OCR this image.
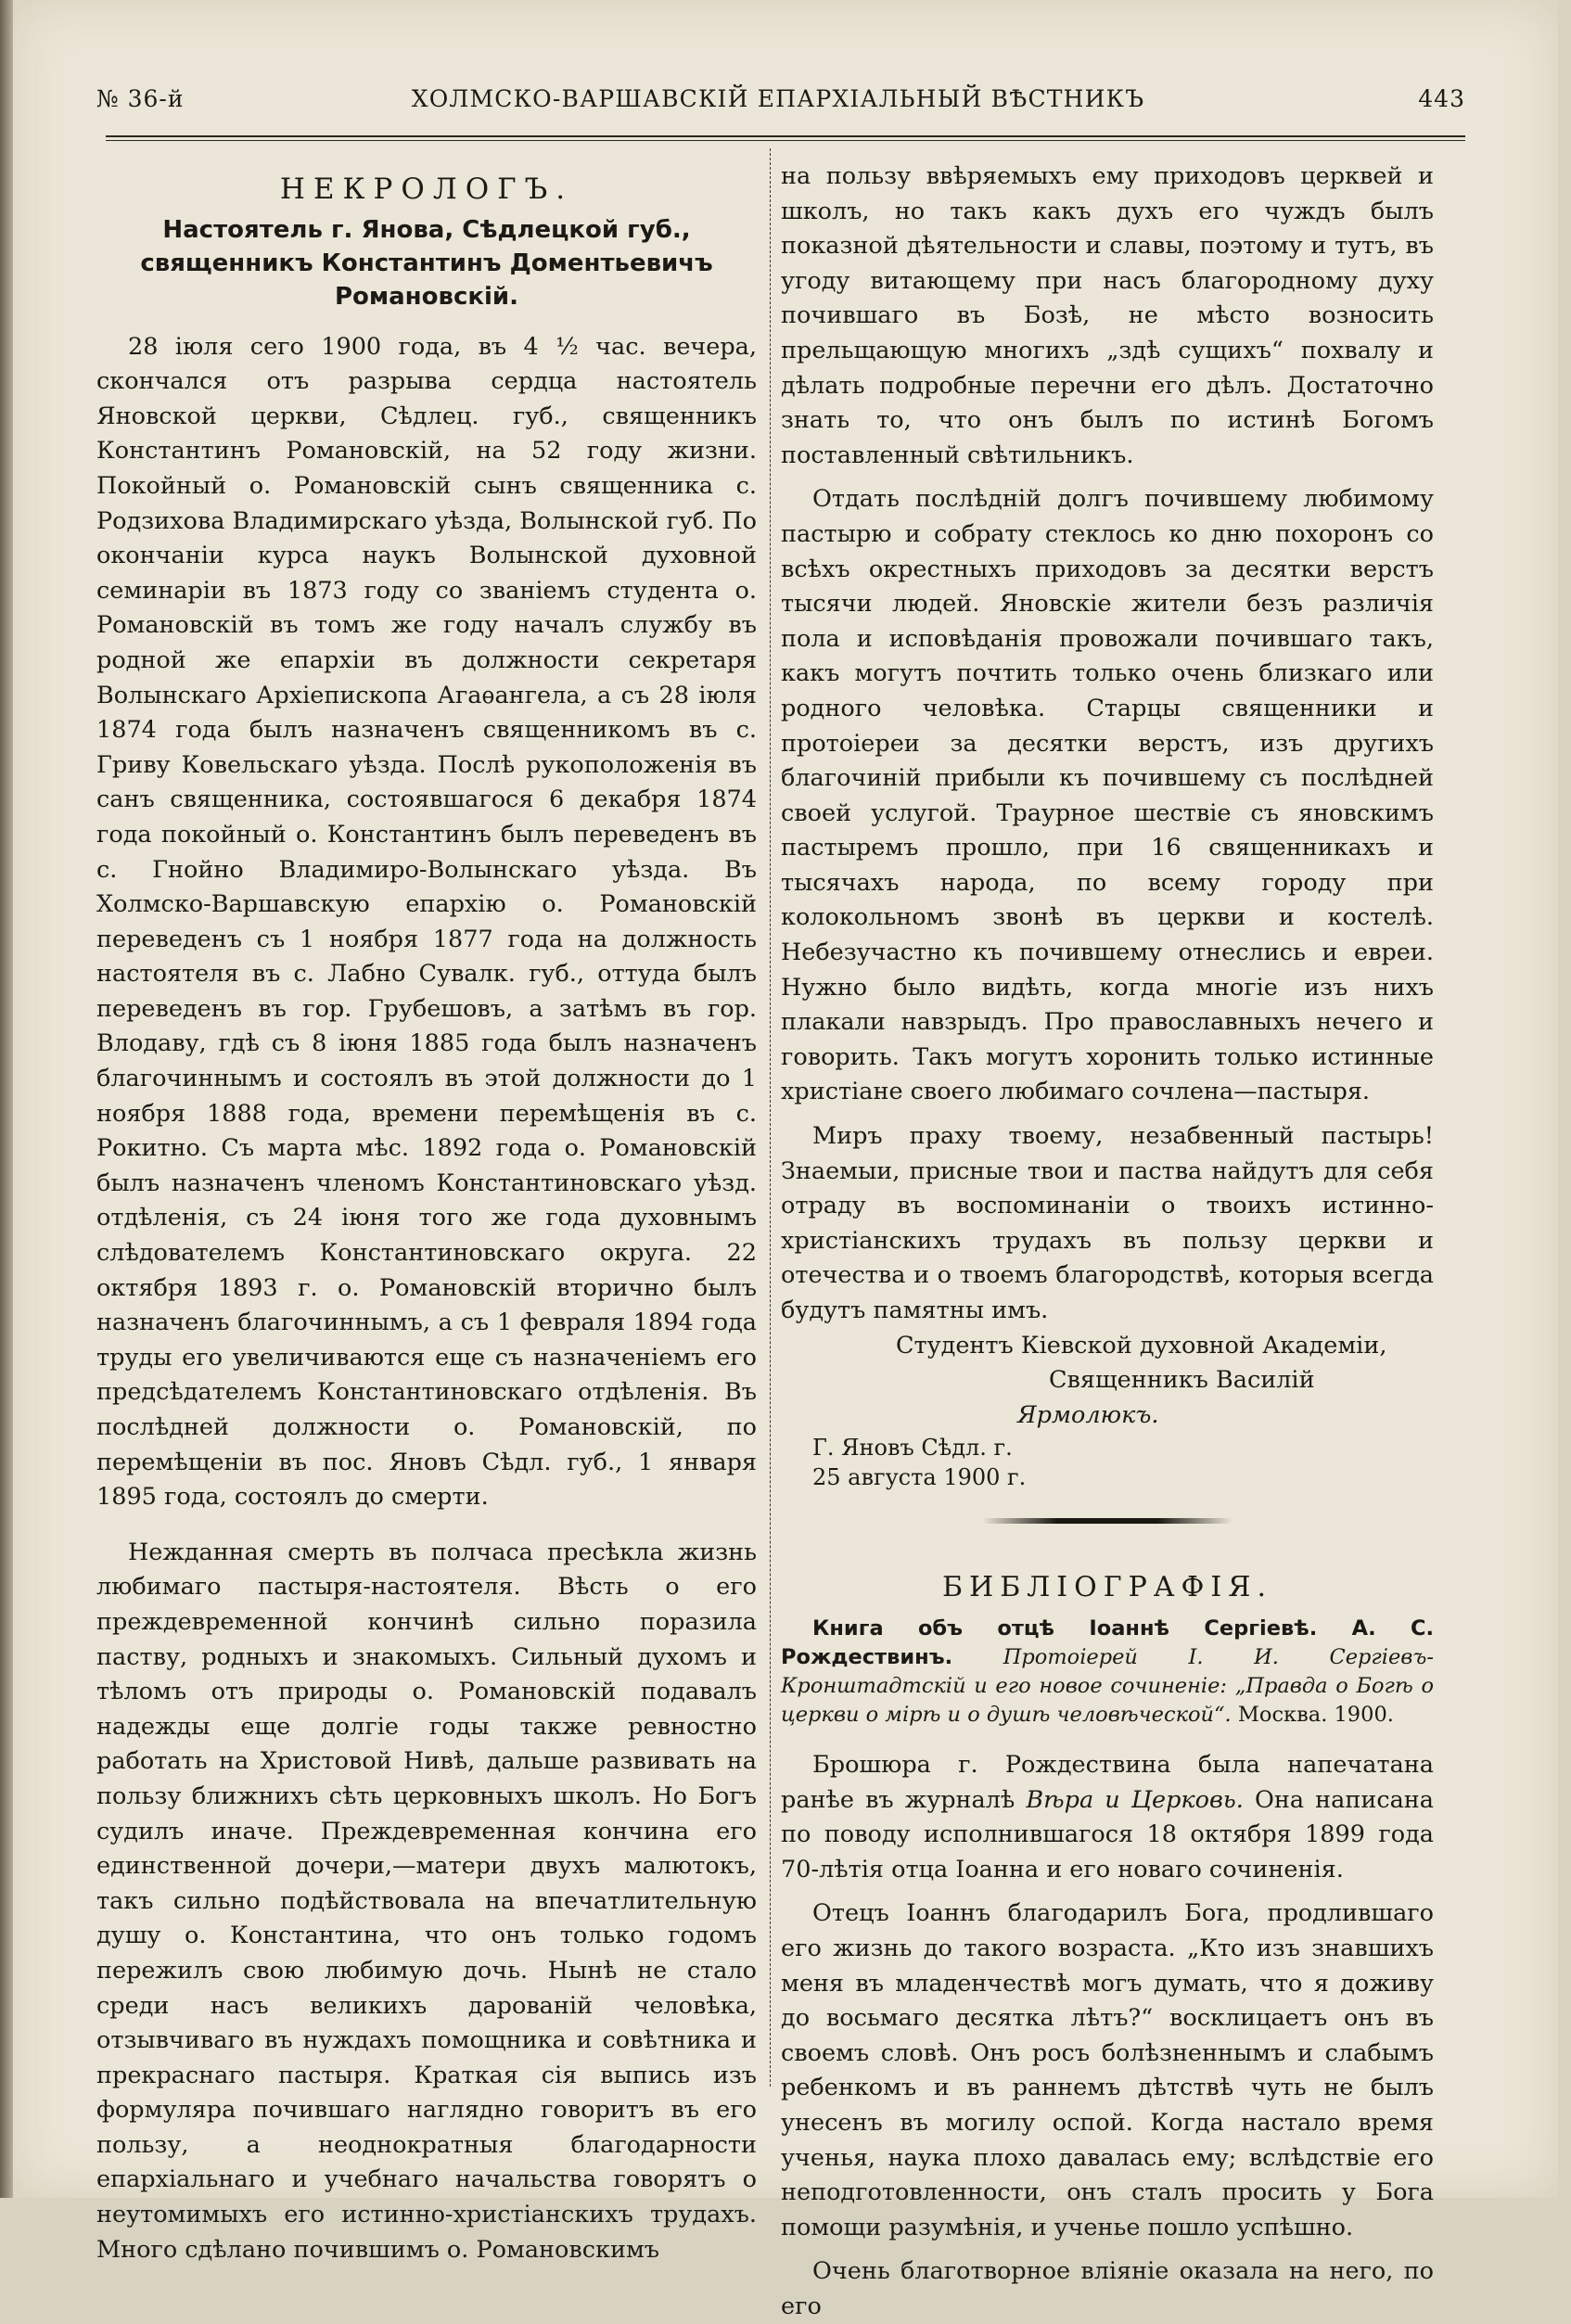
№ 36-й	ХОЛМСКО-ВАРШАВСКІЙ ЕПАРХІАЛЬНЫЙ ВѢСТНИКЪ	443
НЕКРОЛОГЪ.
Настоятель г. Янова, Сѣдлецкой губ., священникъ Константинъ Доментьевичъ Романовскій.

28 іюля сего 1900 года, въ 4 ½ час. вечера, скончался отъ разрыва сердца настоятель Яновской церкви, Сѣдлец. губ., священникъ Константинъ Романовскій, на 52 году жизни. Покойный о. Романовскій сынъ священника с. Родзихова Владимирскаго уѣзда, Волынской губ. По окончаніи курса наукъ Волынской духовной семинаріи въ 1873 году со званіемъ студента о. Романовскій въ томъ же году началъ службу въ родной же епархіи въ должности секретаря Волынскаго Архіепископа Агаѳангела, а съ 28 іюля 1874 года былъ назначенъ священникомъ въ с. Гриву Ковельскаго уѣзда. Послѣ рукоположенія въ санъ священника, состоявшагося 6 декабря 1874 года покойный о. Константинъ былъ переведенъ въ с. Гнойно Владимиро-Волынскаго уѣзда. Въ Холмско-Варшавскую епархію о. Романовскій переведенъ съ 1 ноября 1877 года на должность настоятеля въ с. Лабно Сувалк. губ., оттуда былъ переведенъ въ гор. Грубешовъ, а затѣмъ въ гор. Влодаву, гдѣ съ 8 іюня 1885 года былъ назначенъ благочиннымъ и состоялъ въ этой должности до 1 ноября 1888 года, времени перемѣщенія въ с. Рокитно. Съ марта мѣс. 1892 года о. Романовскій былъ назначенъ членомъ Константиновскаго уѣзд. отдѣленія, съ 24 іюня того же года духовнымъ слѣдователемъ Константиновскаго округа. 22 октября 1893 г. о. Романовскій вторично былъ назначенъ благочиннымъ, а съ 1 февраля 1894 года труды его увеличиваются еще съ назначеніемъ его предсѣдателемъ Константиновскаго отдѣленія. Въ послѣдней должности о. Романовскій, по перемѣщеніи въ пос. Яновъ Сѣдл. губ., 1 января 1895 года, состоялъ до смерти.

Нежданная смерть въ полчаса пресѣкла жизнь любимаго пастыря-настоятеля. Вѣсть о его преждевременной кончинѣ сильно поразила паству, родныхъ и знакомыхъ. Сильный духомъ и тѣломъ отъ природы о. Романовскій подавалъ надежды еще долгіе годы также ревностно работать на Христовой Нивѣ, дальше развивать на пользу ближнихъ сѣть церковныхъ школъ. Но Богъ судилъ иначе. Преждевременная кончина его единственной дочери,—матери двухъ малютокъ, такъ сильно подѣйствовала на впечатлительную душу о. Константина, что онъ только годомъ пережилъ свою любимую дочь. Нынѣ не стало среди насъ великихъ дарованій человѣка, отзывчиваго въ нуждахъ помощника и совѣтника и прекраснаго пастыря. Краткая сія выпись изъ формуляра почившаго наглядно говоритъ въ его пользу, а неоднократныя благодарности епархіальнаго и учебнаго начальства говорятъ о неутомимыхъ его истинно-христіанскихъ трудахъ. Много сдѣлано почившимъ о. Романовскимъ

на пользу ввѣряемыхъ ему приходовъ церквей и школъ, но такъ какъ духъ его чуждъ былъ показной дѣятельности и славы, поэтому и тутъ, въ угоду витающему при насъ благородному духу почившаго въ Бозѣ, не мѣсто возносить прельщающую многихъ „здѣ сущихъ“ похвалу и дѣлать подробные перечни его дѣлъ. Достаточно знать то, что онъ былъ по истинѣ Богомъ поставленный свѣтильникъ.

Отдать послѣдній долгъ почившему любимому пастырю и собрату стеклось ко дню похоронъ со всѣхъ окрестныхъ приходовъ за десятки верстъ тысячи людей. Яновскіе жители безъ различія пола и исповѣданія провожали почившаго такъ, какъ могутъ почтить только очень близкаго или родного человѣка. Старцы священники и протоіереи за десятки верстъ, изъ другихъ благочиній прибыли къ почившему съ послѣдней своей услугой. Траурное шествіе съ яновскимъ пастыремъ прошло, при 16 священникахъ и тысячахъ народа, по всему городу при колокольномъ звонѣ въ церкви и костелѣ. Небезучастно къ почившему отнеслись и евреи. Нужно было видѣть, когда многіе изъ нихъ плакали навзрыдъ. Про православныхъ нечего и говорить. Такъ могутъ хоронить только истинные христіане своего любимаго сочлена—пастыря.

Миръ праху твоему, незабвенный пастырь! Знаемыи, присные твои и паства найдутъ для себя отраду въ воспоминаніи о твоихъ истинно-христіанскихъ трудахъ въ пользу церкви и отечества и о твоемъ благородствѣ, которыя всегда будутъ памятны имъ.

Студентъ Кіевской духовной Академіи,

Священникъ Василій Ярмолюкъ.

Г. Яновъ Сѣдл. г.

25 августа 1900 г.

БИБЛІОГРАФІЯ.

Книга объ отцѣ Іоаннѣ Сергіевѣ. А. С. Рождествинъ. Протоіерей І. И. Сергіевъ-Кронштадтскій и его новое сочиненіе: „Правда о Богѣ о церкви о мірѣ и о душѣ человѣческой“. Москва. 1900.

Брошюра г. Рождествина была напечатана ранѣе въ журналѣ Вѣра и Церковь. Она написана по поводу исполнившагося 18 октября 1899 года 70-лѣтія отца Іоанна и его новаго сочиненія.

Отецъ Іоаннъ благодарилъ Бога, продлившаго его жизнь до такого возраста. „Кто изъ знавшихъ меня въ младенчествѣ могъ думать, что я доживу до восьмаго десятка лѣтъ?“ восклицаетъ онъ въ своемъ словѣ. Онъ росъ болѣзненнымъ и слабымъ ребенкомъ и въ раннемъ дѣтствѣ чуть не былъ унесенъ въ могилу оспой. Когда настало время ученья, наука плохо давалась ему; вслѣдствіе его неподготовленности, онъ сталъ просить у Бога помощи разумѣнія, и ученье пошло успѣшно.

Очень благотворное вліяніе оказала на него, по его
